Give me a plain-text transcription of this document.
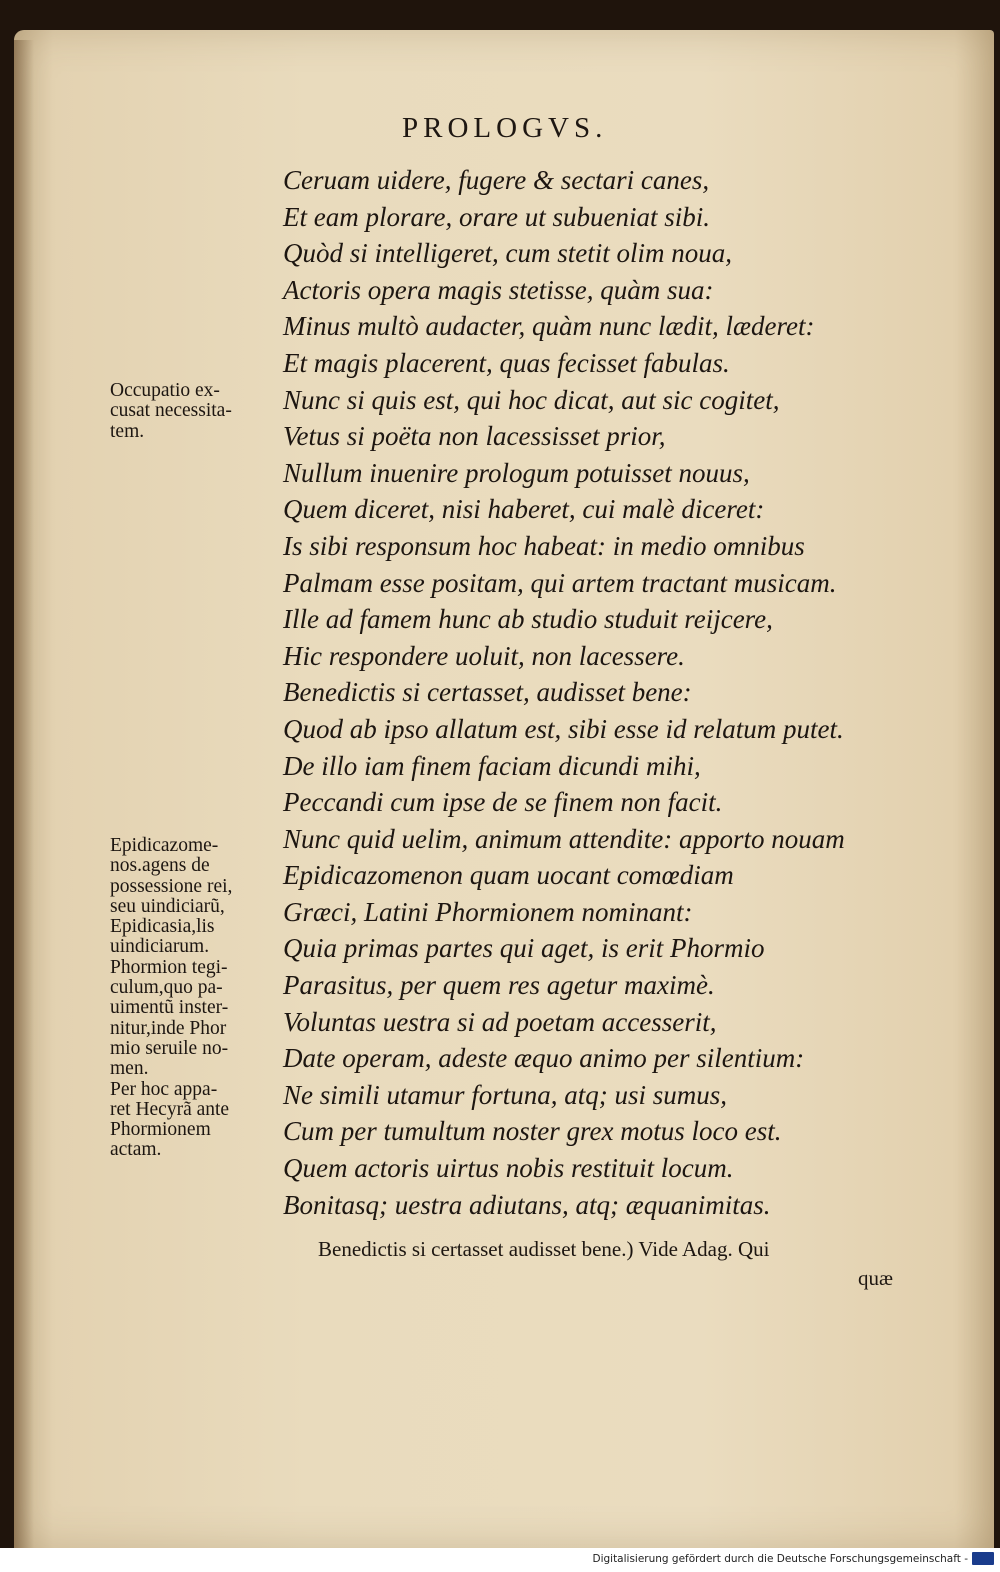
PROLOGVS.
Ceruam uidere, fugere & sectari canes,
Et eam plorare, orare ut subueniat sibi.
Quòd si intelligeret, cum stetit olim noua,
Actoris opera magis stetisse, quàm sua:
Minus multò audacter, quàm nunc lædit, læderet:
Et magis placerent, quas fecisset fabulas.
Nunc si quis est, qui hoc dicat, aut sic cogitet,
Vetus si poëta non lacessisset prior,
Nullum inuenire prologum potuisset nouus,
Quem diceret, nisi haberet, cui malè diceret:
Is sibi responsum hoc habeat: in medio omnibus
Palmam esse positam, qui artem tractant musicam.
Ille ad famem hunc ab studio studuit reijcere,
Hic respondere uoluit, non lacessere.
Benedictis si certasset, audisset bene:
Quod ab ipso allatum est, sibi esse id relatum putet.
De illo iam finem faciam dicundi mihi,
Peccandi cum ipse de se finem non facit.
Nunc quid uelim, animum attendite: apporto nouam
Epidicazomenon quam uocant comœdiam
Græci, Latini Phormionem nominant:
Quia primas partes qui aget, is erit Phormio
Parasitus, per quem res agetur maximè.
Voluntas uestra si ad poetam accesserit,
Date operam, adeste æquo animo per silentium:
Ne simili utamur fortuna, atq; usi sumus,
Cum per tumultum noster grex motus loco est.
Quem actoris uirtus nobis restituit locum.
Bonitasq; uestra adiutans, atq; æquanimitas.
Occupatio ex-
cusat necessita-
tem.
Epidicazome-
nos.agens de
possessione rei,
seu uindiciarũ,
Epidicasia,lis
uindiciarum.
Phormion tegi-
culum,quo pa-
uimentũ inster-
nitur,inde Phor
mio seruile no-
men.
Per hoc appa-
ret Hecyrã ante
Phormionem
actam.
Benedictis si certasset audisset bene.) Vide Adag. Qui
quæ
Digitalisierung gefördert durch die Deutsche Forschungsgemeinschaft -
